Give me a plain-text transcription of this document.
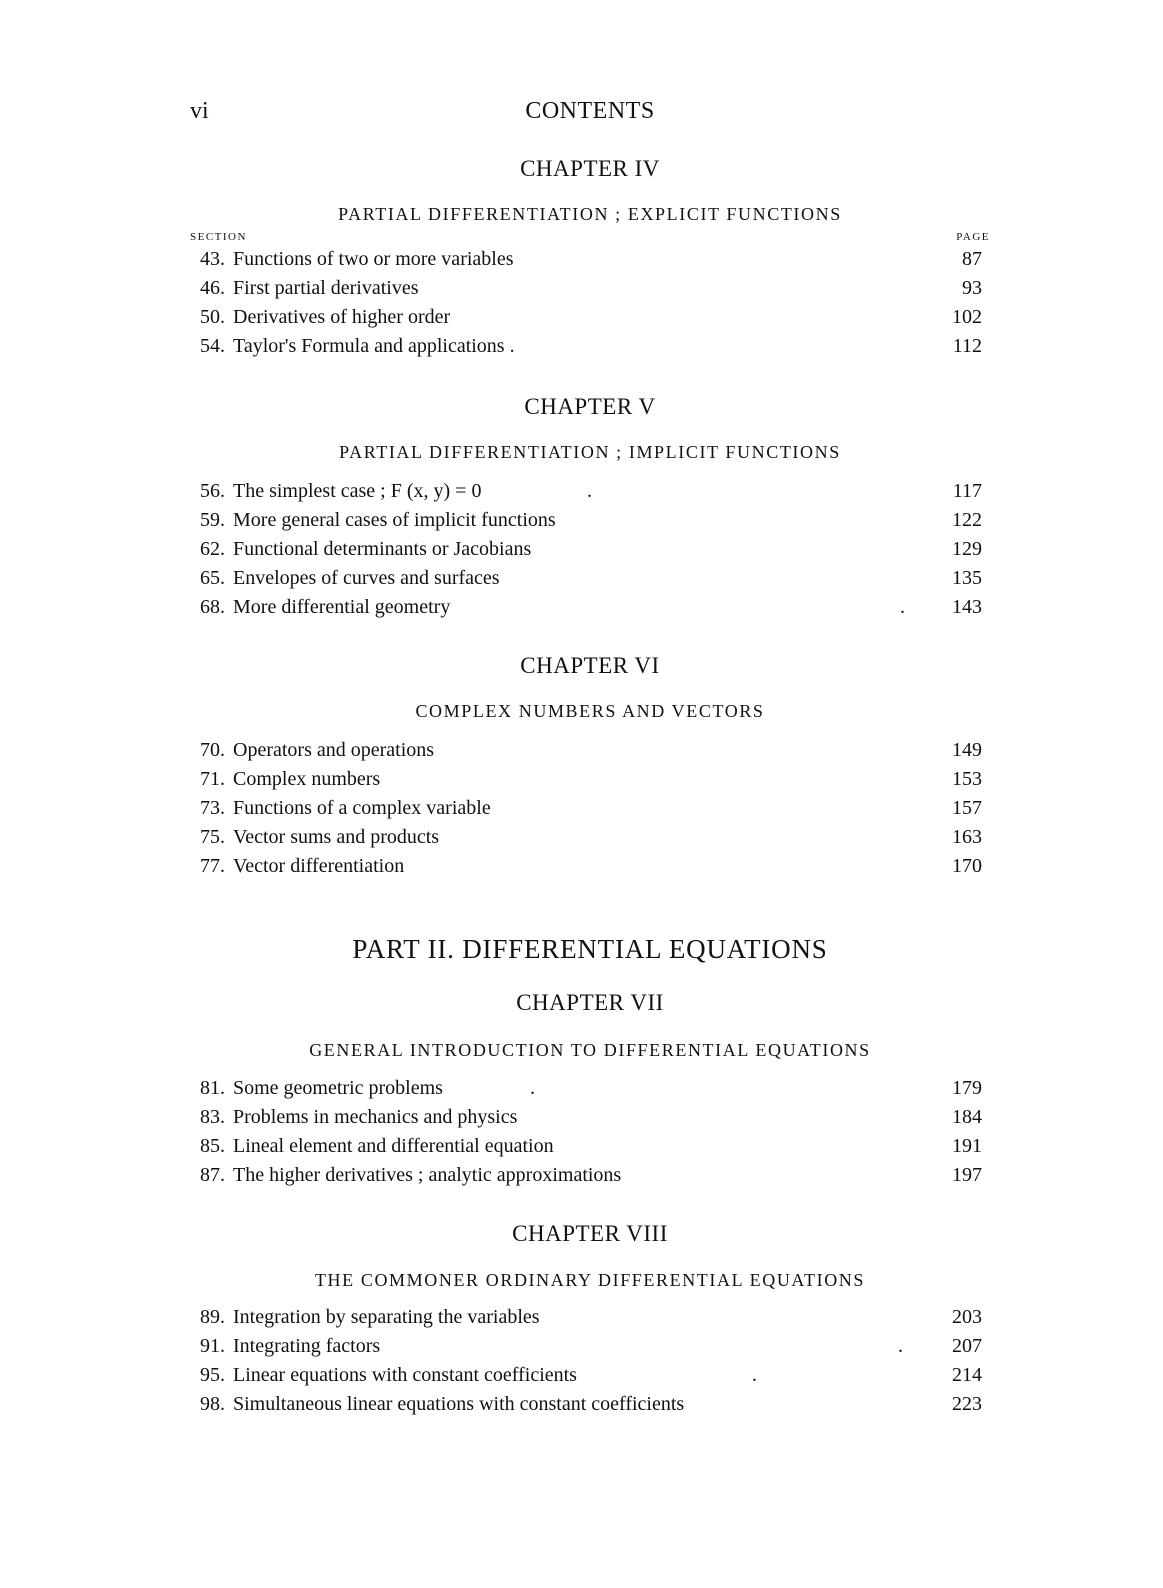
vi	CONTENTS
CHAPTER IV
PARTIAL DIFFERENTIATION ; EXPLICIT FUNCTIONS
SECTION	PAGE
43. Functions of two or more variables	87
46. First partial derivatives	93
50. Derivatives of higher order	102
54. Taylor's Formula and applications .	112
CHAPTER V
PARTIAL DIFFERENTIATION ; IMPLICIT FUNCTIONS
56. The simplest case ; F (x, y) = 0	.	117
59. More general cases of implicit functions	122
62. Functional determinants or Jacobians	129
65. Envelopes of curves and surfaces	135
68. More differential geometry	. 143
CHAPTER VI
COMPLEX NUMBERS AND VECTORS
70. Operators and operations	149
71. Complex numbers	153
73. Functions of a complex variable	157
75. Vector sums and products	163
77. Vector differentiation	170
PART II. DIFFERENTIAL EQUATIONS
CHAPTER VII
GENERAL INTRODUCTION TO DIFFERENTIAL EQUATIONS
81. Some geometric problems	.	179
83. Problems in mechanics and physics	184
85. Lineal element and differential equation	191
87. The higher derivatives ; analytic approximations	197
CHAPTER VIII
THE COMMONER ORDINARY DIFFERENTIAL EQUATIONS
89. Integration by separating the variables	203
91. Integrating factors	. 207
95. Linear equations with constant coefficients	.	214
98. Simultaneous linear equations with constant coefficients	223
